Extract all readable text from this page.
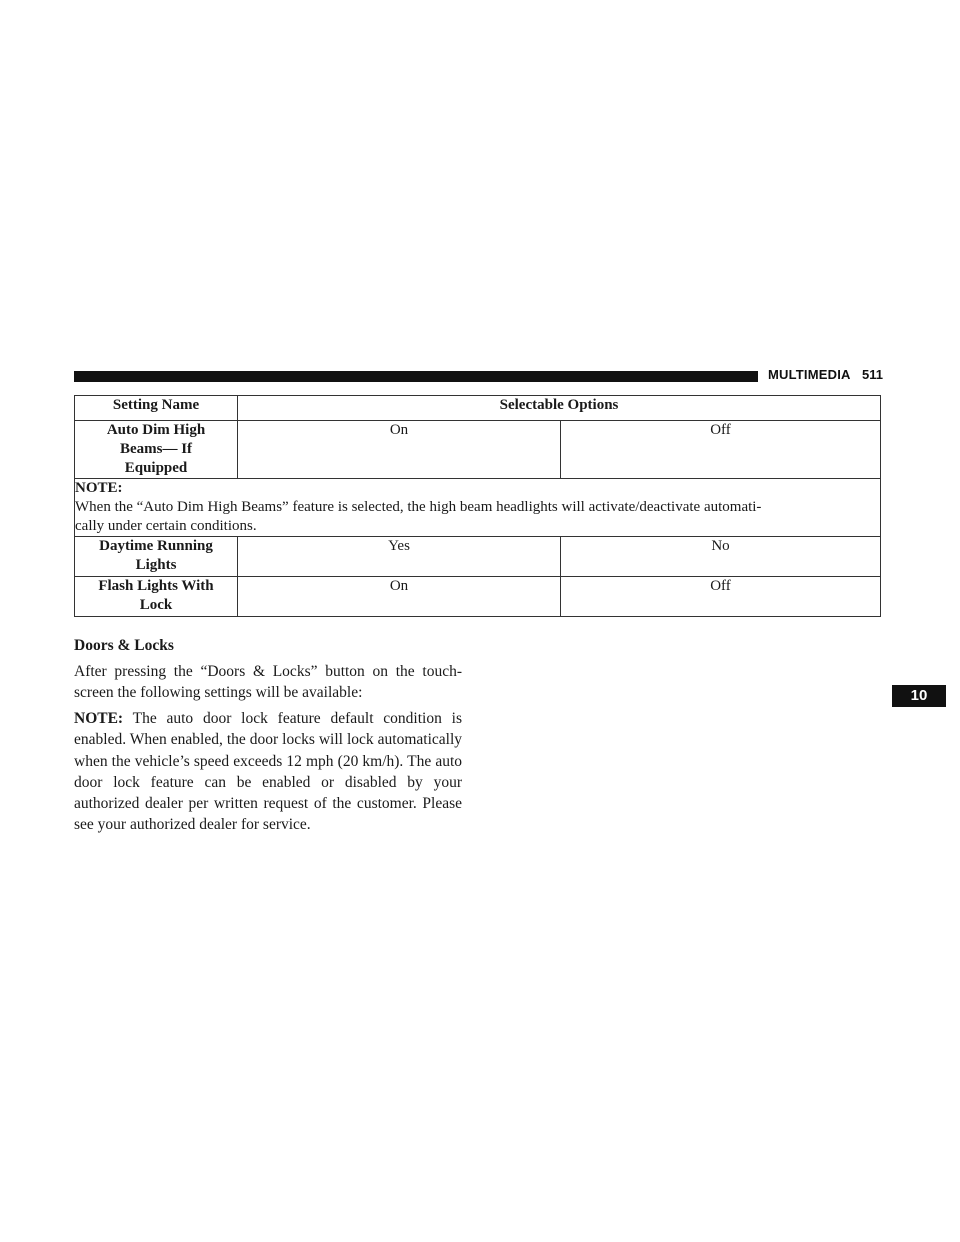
MULTIMEDIA 511
Setting Name	Selectable Options	
Auto Dim High
Beams— If
Equipped	On	Off

NOTE:
When the “Auto Dim High Beams” feature is selected, the high beam headlights will activate/deactivate automati-
cally under certain conditions.		

Daytime Running
Lights	Yes	No
Flash Lights With
Lock	On	Off
Doors & Locks

After pressing the “Doors & Locks” button on the touch-screen the following settings will be available:

NOTE: The auto door lock feature default condition is enabled. When enabled, the door locks will lock automatically when the vehicle’s speed exceeds 12 mph (20 km/h). The auto door lock feature can be enabled or disabled by your authorized dealer per written request of the customer. Please see your authorized dealer for service.

10
